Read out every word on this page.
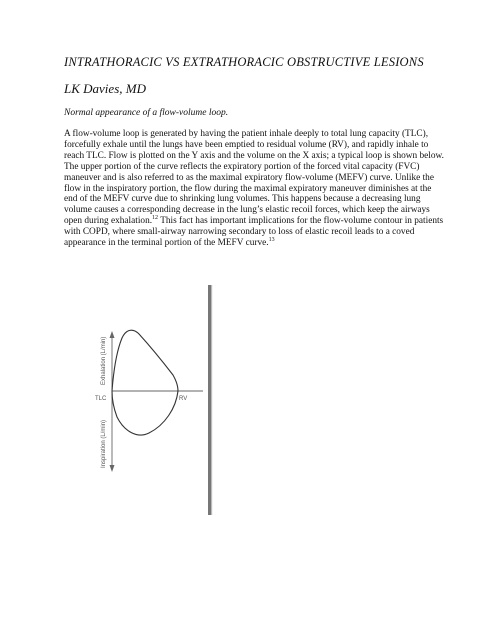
INTRATHORACIC VS EXTRATHORACIC OBSTRUCTIVE LESIONS
LK Davies, MD
Normal appearance of a flow-volume loop.
A flow-volume loop is generated by having the patient inhale deeply to total lung capacity (TLC), forcefully exhale until the lungs have been emptied to residual volume (RV), and rapidly inhale to reach TLC. Flow is plotted on the Y axis and the volume on the X axis; a typical loop is shown below. The upper portion of the curve reflects the expiratory portion of the forced vital capacity (FVC) maneuver and is also referred to as the maximal expiratory flow-volume (MEFV) curve. Unlike the flow in the inspiratory portion, the flow during the maximal expiratory maneuver diminishes at the end of the MEFV curve due to shrinking lung volumes. This happens because a decreasing lung volume causes a corresponding decrease in the lung’s elastic recoil forces, which keep the airways open during exhalation.$^{12}$ This fact has important implications for the flow-volume contour in patients with COPD, where small-airway narrowing secondary to loss of elastic recoil leads to a coved appearance in the terminal portion of the MEFV curve.$^{13}$
Exhalation (L/min)
Inspiration (L/min)
TLC	RV
